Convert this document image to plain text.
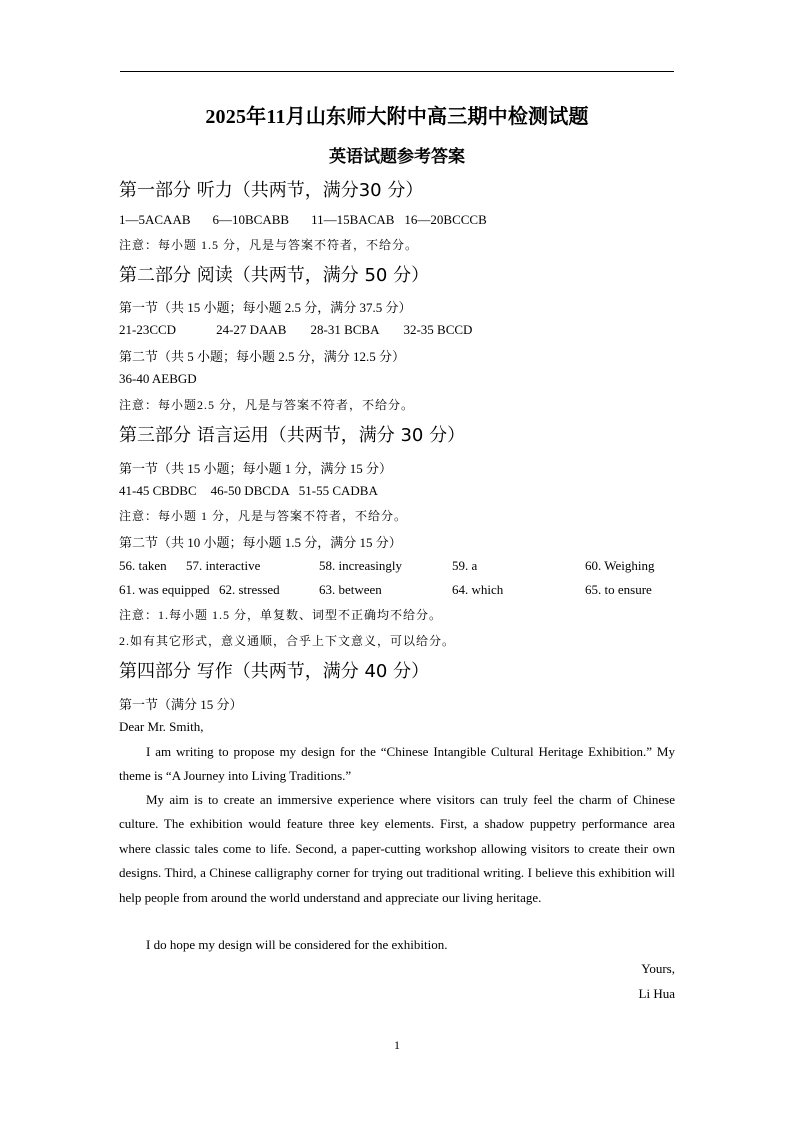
2025年11月山东师大附中高三期中检测试题
英语试题参考答案
第一部分 听力（共两节，满分30 分）
1—5ACAAB 6—10BCABB 11—15BACAB 16—20BCCCB
注意：每小题 1.5 分，凡是与答案不符者，不给分。
第二部分 阅读（共两节，满分 50 分）
第一节（共 15 小题；每小题 2.5 分，满分 37.5 分）
21-23CCD	24-27 DAAB 28-31 BCBA 32-35 BCCD
第二节（共 5 小题；每小题 2.5 分，满分 12.5 分）
36-40 AEBGD
注意：每小题2.5 分，凡是与答案不符者，不给分。
第三部分 语言运用（共两节，满分 30 分）
第一节（共 15 小题；每小题 1 分，满分 15 分）
41-45 CBDBC 46-50 DBCDA 51-55 CADBA
注意：每小题 1 分，凡是与答案不符者，不给分。
第二节（共 10 小题；每小题 1.5 分，满分 15 分）
56. taken 57. interactive	58. increasingly	59. a	60. Weighing
61. was equipped 62. stressed	63. between	64. which	65. to ensure
注意：1.每小题 1.5 分，单复数、词型不正确均不给分。
2.如有其它形式，意义通顺，合乎上下文意义，可以给分。
第四部分 写作（共两节，满分 40 分）
第一节（满分 15 分）
Dear Mr. Smith,
I am writing to propose my design for the “Chinese Intangible Cultural Heritage Exhibition.” My theme is “A Journey into Living Traditions.”
My aim is to create an immersive experience where visitors can truly feel the charm of Chinese culture. The exhibition would feature three key elements. First, a shadow puppetry performance area where classic tales come to life. Second, a paper-cutting workshop allowing visitors to create their own designs. Third, a Chinese calligraphy corner for trying out traditional writing. I believe this exhibition will help people from around the world understand and appreciate our living heritage.
I do hope my design will be considered for the exhibition.
Yours,
Li Hua
1
